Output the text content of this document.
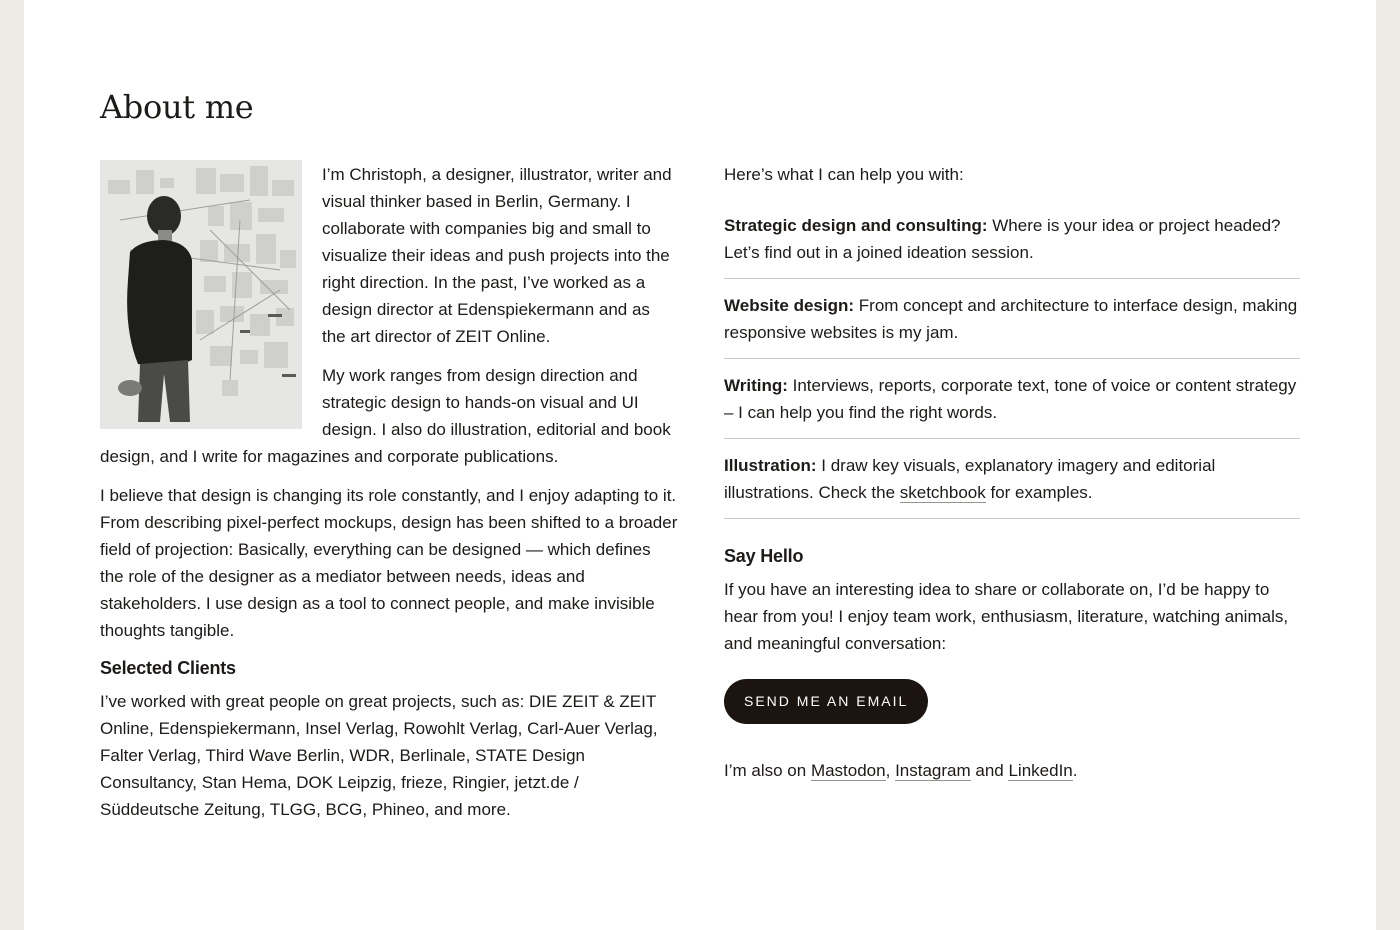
About me

I’m Christoph, a designer, illustrator, writer and visual thinker based in Berlin, Germany. I collaborate with companies big and small to visualize their ideas and push projects into the right direction. In the past, I’ve worked as a design director at Edenspiekermann and as the art director of ZEIT Online.

My work ranges from design direction and strategic design to hands-on visual and UI design. I also do illustration, editorial and book design, and I write for magazines and corporate publications.

I believe that design is changing its role constantly, and I enjoy adapting to it. From describing pixel-perfect mockups, design has been shifted to a broader field of projection: Basically, everything can be designed — which defines the role of the designer as a mediator between needs, ideas and stakeholders. I use design as a tool to connect people, and make invisible thoughts tangible.

Selected Clients

I’ve worked with great people on great projects, such as: DIE ZEIT & ZEIT Online, Edenspiekermann, Insel Verlag, Rowohlt Verlag, Carl-Auer Verlag, Falter Verlag, Third Wave Berlin, WDR, Berlinale, STATE Design Consultancy, Stan Hema, DOK Leipzig, frieze, Ringier, jetzt.de / Süddeutsche Zeitung, TLGG, BCG, Phineo, and more.

Here’s what I can help you with:

Strategic design and consulting: Where is your idea or project headed? Let’s find out in a joined ideation session.
Website design: From concept and architecture to interface design, making responsive websites is my jam.
Writing: Interviews, reports, corporate text, tone of voice or content strategy – I can help you find the right words.
Illustration: I draw key visuals, explanatory imagery and editorial illustrations. Check the sketchbook for examples.
Say Hello

If you have an interesting idea to share or collaborate on, I’d be happy to hear from you! I enjoy team work, enthusiasm, literature, watching animals, and meaningful conversation:

SEND ME AN EMAIL

I’m also on Mastodon, Instagram and LinkedIn.
